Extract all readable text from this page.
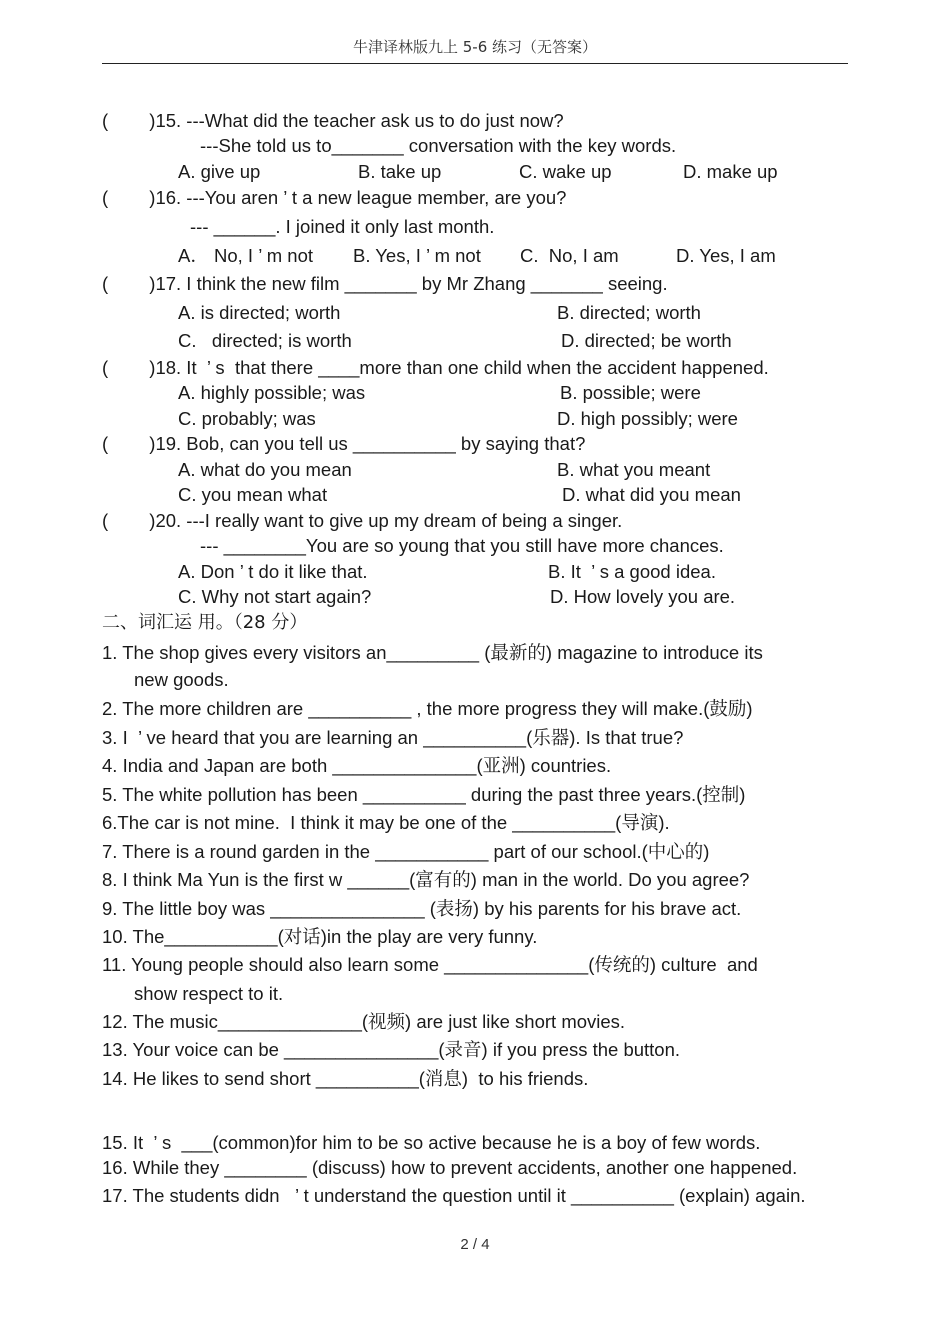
牛津译林版九上 5-6 练习（无答案）
(        )15. ---What did the teacher ask us to do just now?
---She told us to_______ conversation with the key words.
A. give up	B. take up	C. wake up	D. make up
(        )16. ---You aren ’ t a new league member, are you?
--- ______. I joined it only last month.
A． No, I ’ m not B. Yes, I ’ m not C.  No, I am	D. Yes, I am
(        )17. I think the new film _______ by Mr Zhang _______ seeing.
A. is directed; worth	B. directed; worth
C.   directed; is worth	D. directed; be worth
(        )18. It  ’ s  that there ____more than one child when the accident happened.
A. highly possible; was	B. possible; were
C. probably; was	D. high possibly; were
(        )19. Bob, can you tell us __________ by saying that?
A. what do you mean	B. what you meant
C. you mean what	D. what did you mean
(        )20. ---I really want to give up my dream of being a singer.
--- ________You are so young that you still have more chances.
A. Don ’ t do it like that.	B. It  ’ s a good idea.
C. Why not start again?	D. How lovely you are.
二、词汇运 用。（28 分）
1. The shop gives every visitors an_________ (最新的) magazine to introduce its
new goods.
2. The more children are __________ , the more progress they will make.(鼓励)
3. I  ’ ve heard that you are learning an __________(乐器). Is that true?
4. India and Japan are both ______________(亚洲) countries.
5. The white pollution has been __________ during the past three years.(控制)
6.The car is not mine.  I think it may be one of the __________(导演).
7. There is a round garden in the ___________ part of our school.(中心的)
8. I think Ma Yun is the first w ______(富有的) man in the world. Do you agree?
9. The little boy was _______________ (表扬) by his parents for his brave act.
10. The___________(对话)in the play are very funny.
11. Young people should also learn some ______________(传统的) culture  and
show respect to it.
12. The music______________(视频) are just like short movies.
13. Your voice can be _______________(录音) if you press the button.
14. He likes to send short __________(消息)  to his friends.
15. It  ’ s  ___(common)for him to be so active because he is a boy of few words.
16. While they ________ (discuss) how to prevent accidents, another one happened.
17. The students didn   ’ t understand the question until it __________ (explain) again.
2 / 4
